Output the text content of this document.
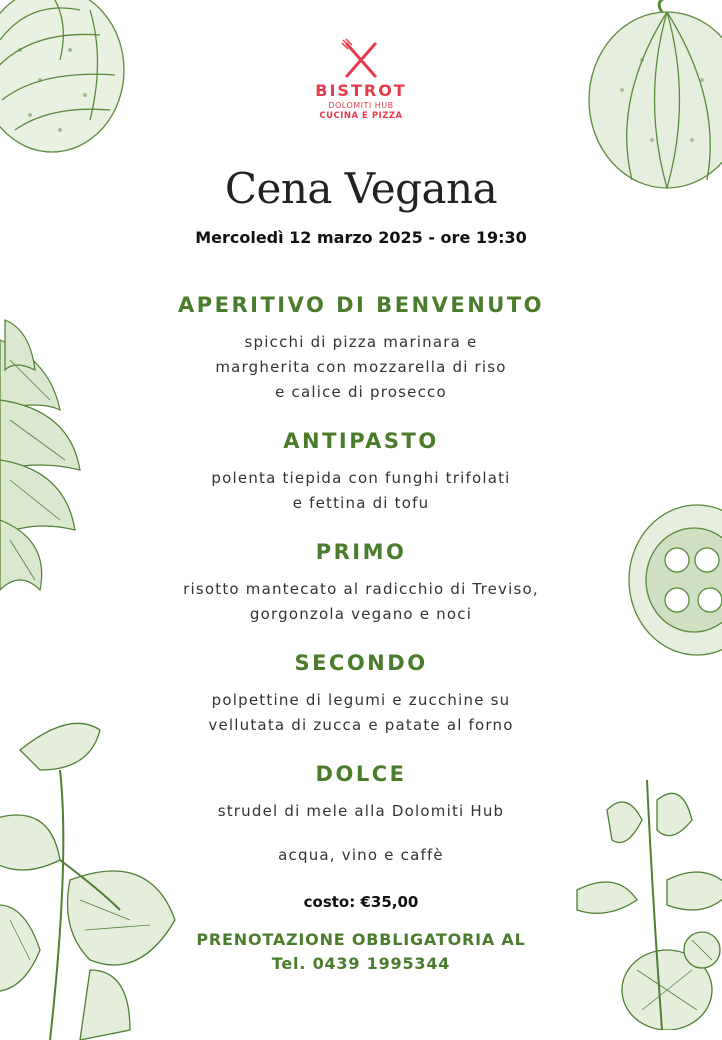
BISTROT
DOLOMITI HUB
CUCINA E PIZZA
Cena Vegana
Mercoledì 12 marzo 2025 - ore 19:30
APERITIVO DI BENVENUTO
spicchi di pizza marinara e
margherita con mozzarella di riso
e calice di prosecco
ANTIPASTO
polenta tiepida con funghi trifolati
e fettina di tofu
PRIMO
risotto mantecato al radicchio di Treviso,
gorgonzola vegano e noci
SECONDO
polpettine di legumi e zucchine su
vellutata di zucca e patate al forno
DOLCE
strudel di mele alla Dolomiti Hub
acqua, vino e caffè
costo: €35,00
PRENOTAZIONE OBBLIGATORIA AL
Tel. 0439 1995344
